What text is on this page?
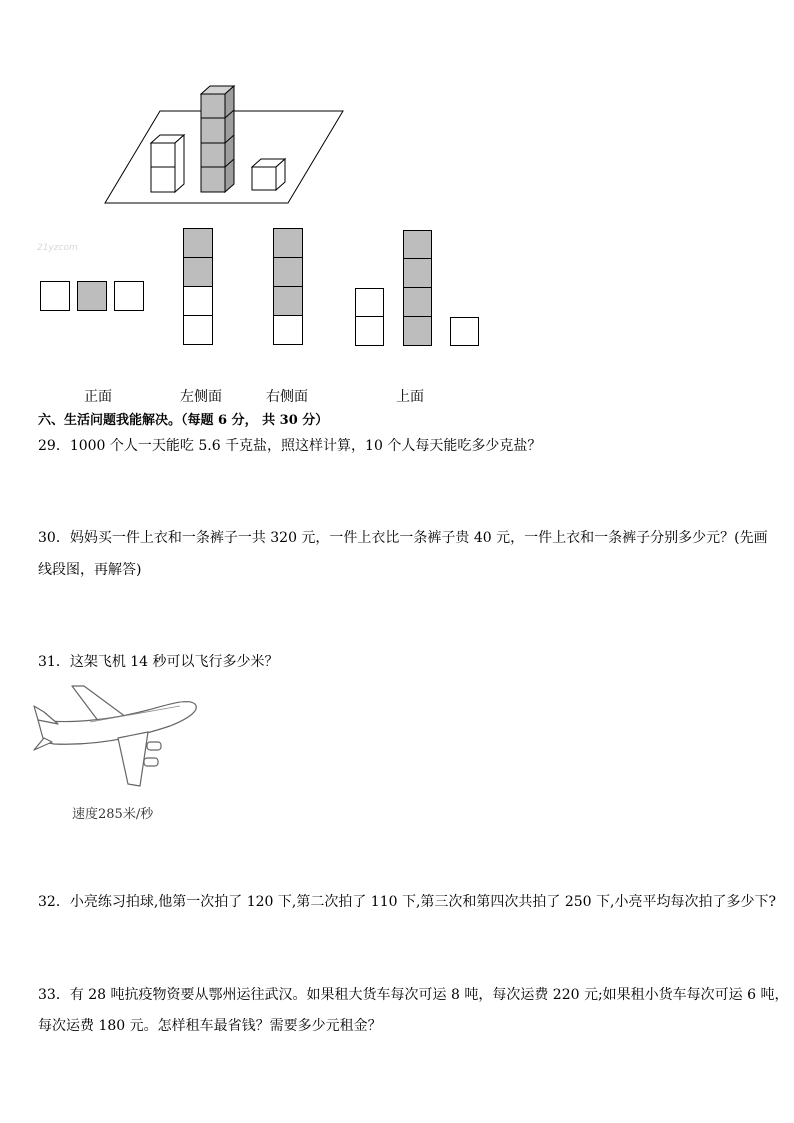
21yzcom
正面	左侧面	右侧面	上面
六、生活问题我能解决。（每题 6 分， 共 30 分）
29．1000 个人一天能吃 5.6 千克盐，照这样计算，10 个人每天能吃多少克盐？
30．妈妈买一件上衣和一条裤子一共 320 元，一件上衣比一条裤子贵 40 元，一件上衣和一条裤子分别多少元？(先画
线段图，再解答)
31．这架飞机 14 秒可以飞行多少米？
速度285米/秒
32．小亮练习拍球,他第一次拍了 120 下,第二次拍了 110 下,第三次和第四次共拍了 250 下,小亮平均每次拍了多少下?
33．有 28 吨抗疫物资要从鄂州运往武汉。如果租大货车每次可运 8 吨，每次运费 220 元;如果租小货车每次可运 6 吨，
每次运费 180 元。怎样租车最省钱？需要多少元租金？
